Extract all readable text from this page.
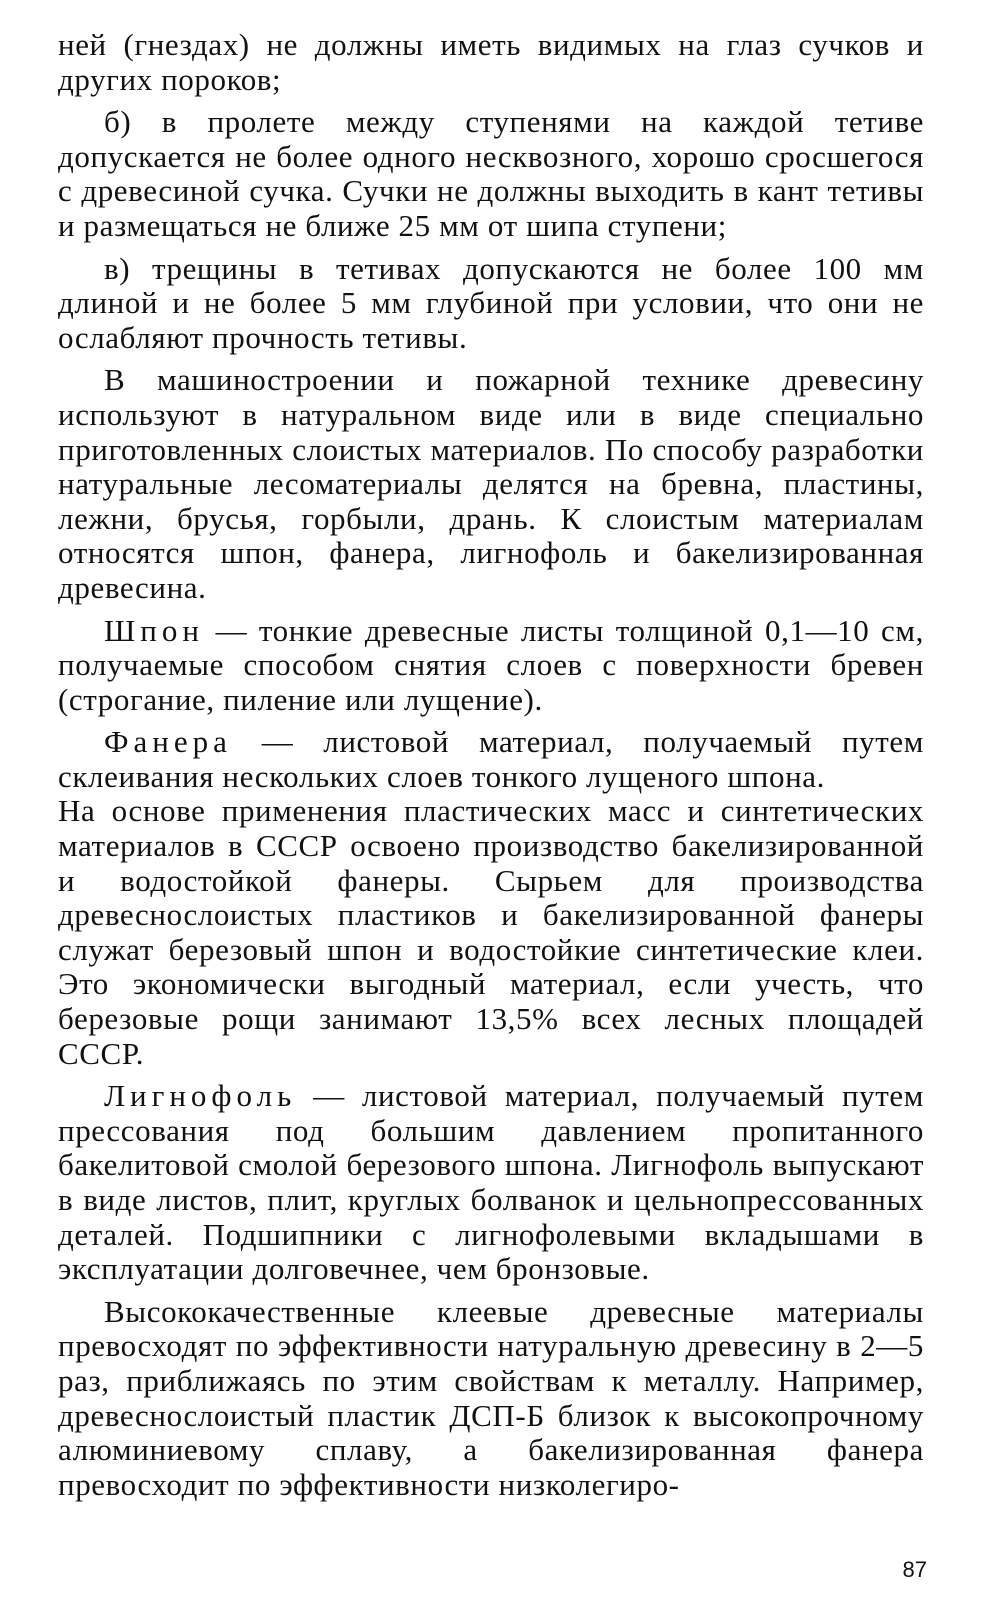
ней (гнездах) не должны иметь видимых на глаз сучков и других пороков;

б) в пролете между ступенями на каждой тетиве допускается не более одного несквозного, хорошо сросшегося с древесиной сучка. Сучки не должны выходить в кант тетивы и размещаться не ближе 25 мм от шипа ступени;

в) трещины в тетивах допускаются не более 100 мм длиной и не более 5 мм глубиной при условии, что они не ослабляют прочность тетивы.

В машиностроении и пожарной технике древесину используют в натуральном виде или в виде специально приготовленных слоистых материалов. По способу разработки натуральные лесоматериалы делятся на бревна, пластины, лежни, брусья, горбыли, дрань. К слоистым материалам относятся шпон, фанера, лигнофоль и бакелизированная древесина.

Шпон — тонкие древесные листы толщиной 0,1—10 см, получаемые способом снятия слоев с поверхности бревен (строгание, пиление или лущение).

Фанера — листовой материал, получаемый путем склеивания нескольких слоев тонкого лущеного шпона.

На основе применения пластических масс и синтетических материалов в СССР освоено производство бакелизированной и водостойкой фанеры. Сырьем для производства древеснослоистых пластиков и бакелизированной фанеры служат березовый шпон и водостойкие синтетические клеи. Это экономически выгодный материал, если учесть, что березовые рощи занимают 13,5% всех лесных площадей СССР.

Лигнофоль — листовой материал, получаемый путем прессования под большим давлением пропитанного бакелитовой смолой березового шпона. Лигнофоль выпускают в виде листов, плит, круглых болванок и цельнопрессованных деталей. Подшипники с лигнофолевыми вкладышами в эксплуатации долговечнее, чем бронзовые.

Высококачественные клеевые древесные материалы превосходят по эффективности натуральную древесину в 2—5 раз, приближаясь по этим свойствам к металлу. Например, древеснослоистый пластик ДСП-Б близок к высокопрочному алюминиевому сплаву, а бакелизированная фанера превосходит по эффективности низколегиро-

87
